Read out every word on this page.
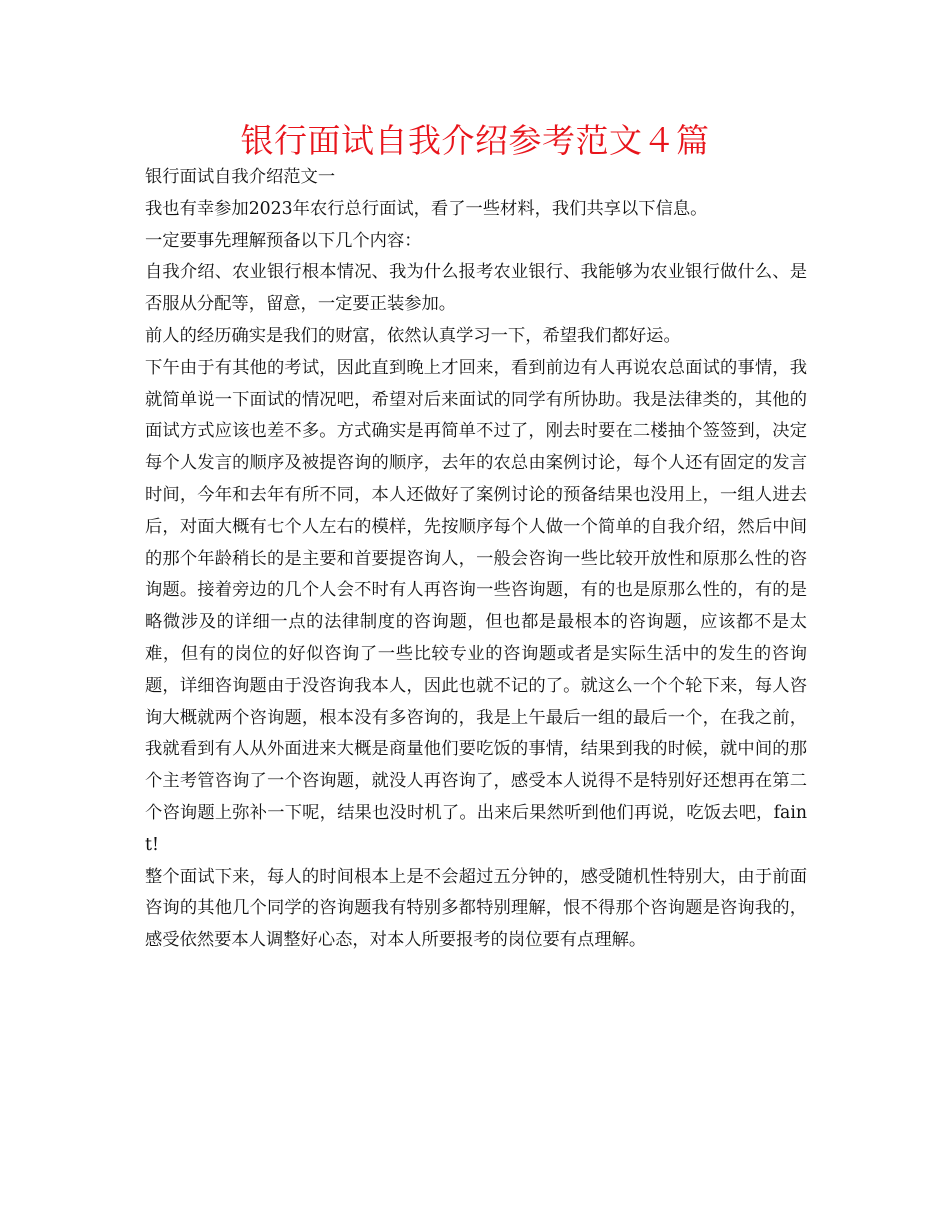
银行面试自我介绍参考范文４篇

银行面试自我介绍范文一

我也有幸参加2023年农行总行面试，看了一些材料，我们共享以下信息。

一定要事先理解预备以下几个内容：

自我介绍、农业银行根本情况、我为什么报考农业银行、我能够为农业银行做什么、是否服从分配等，留意，一定要正装参加。

前人的经历确实是我们的财富，依然认真学习一下，希望我们都好运。

下午由于有其他的考试，因此直到晚上才回来，看到前边有人再说农总面试的事情，我就简单说一下面试的情况吧，希望对后来面试的同学有所协助。我是法律类的，其他的面试方式应该也差不多。方式确实是再简单不过了，刚去时要在二楼抽个签签到，决定每个人发言的顺序及被提咨询的顺序，去年的农总由案例讨论，每个人还有固定的发言时间，今年和去年有所不同，本人还做好了案例讨论的预备结果也没用上，一组人进去后，对面大概有七个人左右的模样，先按顺序每个人做一个简单的自我介绍，然后中间的那个年龄稍长的是主要和首要提咨询人，一般会咨询一些比较开放性和原那么性的咨询题。接着旁边的几个人会不时有人再咨询一些咨询题，有的也是原那么性的，有的是略微涉及的详细一点的法律制度的咨询题，但也都是最根本的咨询题，应该都不是太难，但有的岗位的好似咨询了一些比较专业的咨询题或者是实际生活中的发生的咨询题，详细咨询题由于没咨询我本人，因此也就不记的了。就这么一个个轮下来，每人咨询大概就两个咨询题，根本没有多咨询的，我是上午最后一组的最后一个，在我之前，我就看到有人从外面进来大概是商量他们要吃饭的事情，结果到我的时候，就中间的那个主考管咨询了一个咨询题，就没人再咨询了，感受本人说得不是特别好还想再在第二个咨询题上弥补一下呢，结果也没时机了。出来后果然听到他们再说，吃饭去吧，faint!

整个面试下来，每人的时间根本上是不会超过五分钟的，感受随机性特别大，由于前面咨询的其他几个同学的咨询题我有特别多都特别理解，恨不得那个咨询题是咨询我的，感受依然要本人调整好心态，对本人所要报考的岗位要有点理解。
